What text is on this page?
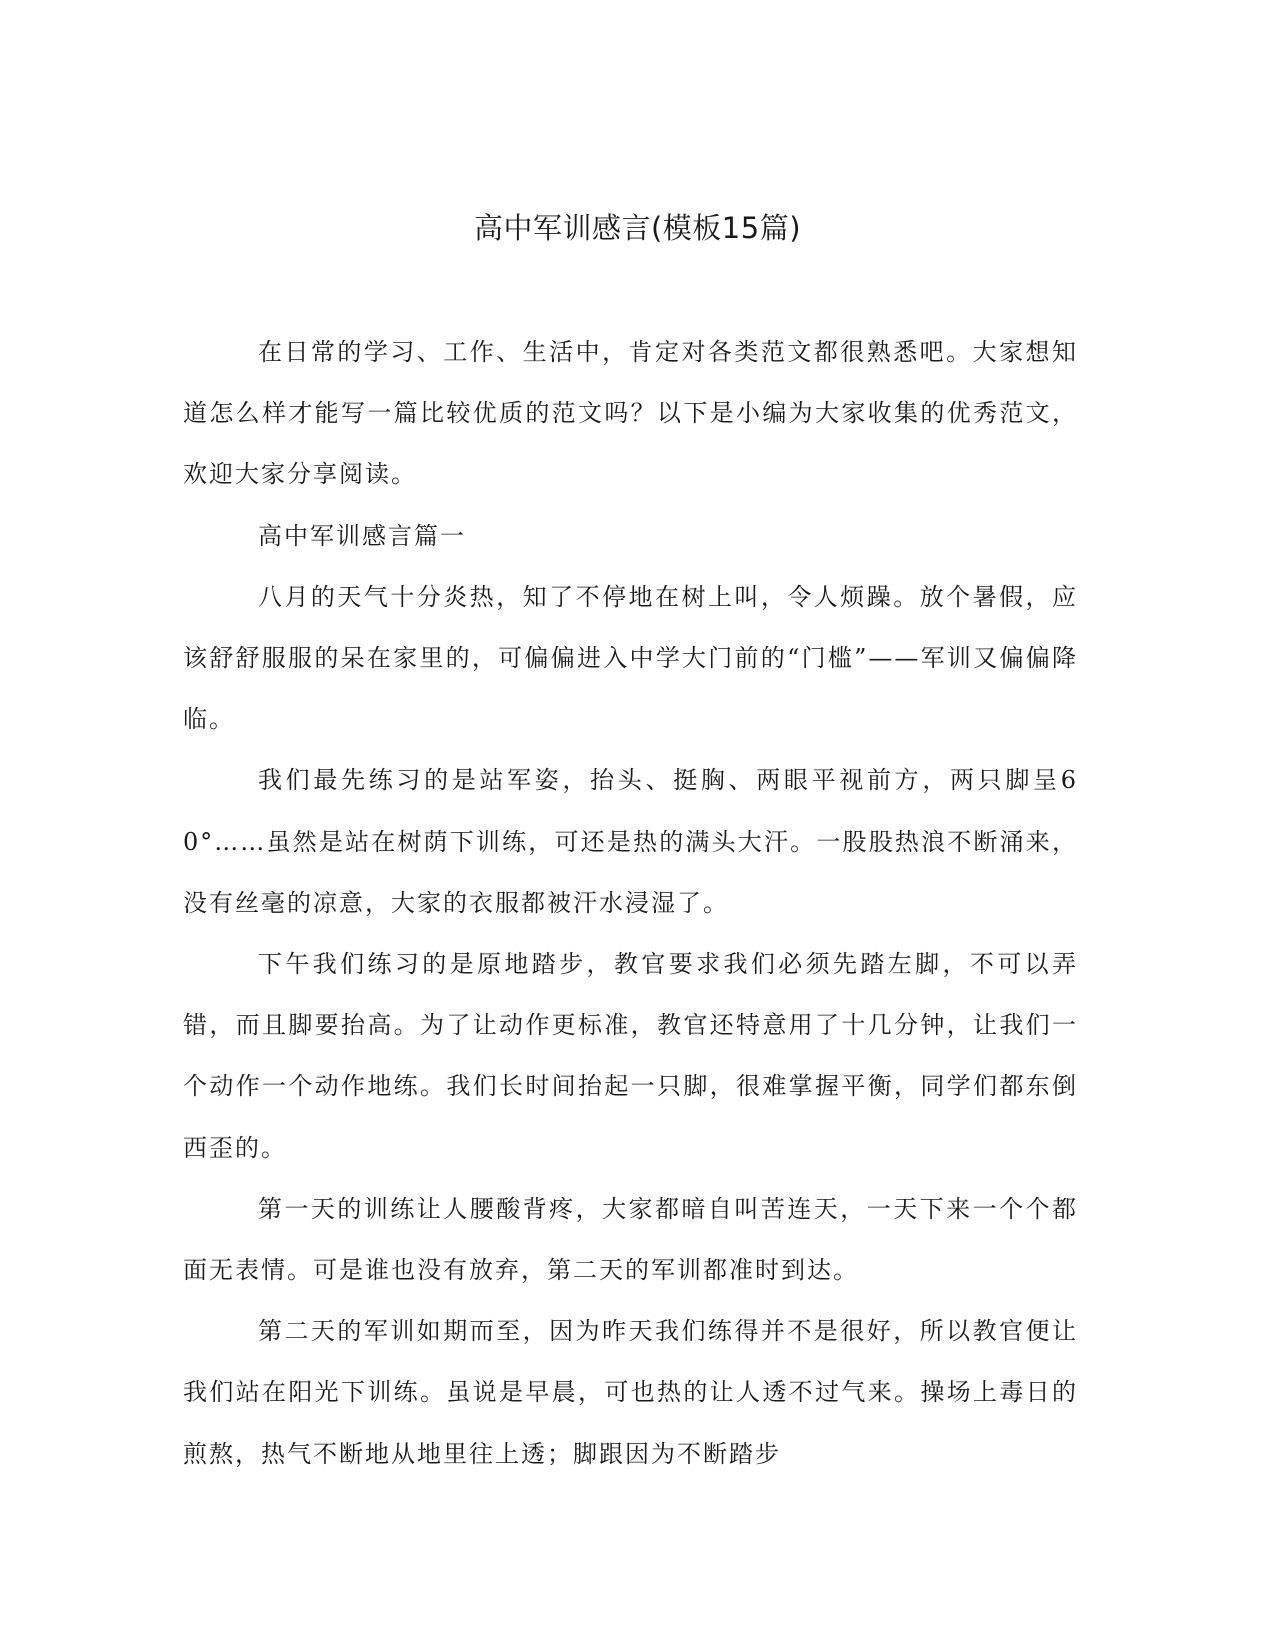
高中军训感言(模板15篇)

在日常的学习、工作、生活中，肯定对各类范文都很熟悉吧。大家想知道怎么样才能写一篇比较优质的范文吗？以下是小编为大家收集的优秀范文，欢迎大家分享阅读。

高中军训感言篇一

八月的天气十分炎热，知了不停地在树上叫，令人烦躁。放个暑假，应该舒舒服服的呆在家里的，可偏偏进入中学大门前的“门槛”——军训又偏偏降临。

我们最先练习的是站军姿，抬头、挺胸、两眼平视前方，两只脚呈60°……虽然是站在树荫下训练，可还是热的满头大汗。一股股热浪不断涌来，没有丝毫的凉意，大家的衣服都被汗水浸湿了。

下午我们练习的是原地踏步，教官要求我们必须先踏左脚，不可以弄错，而且脚要抬高。为了让动作更标准，教官还特意用了十几分钟，让我们一个动作一个动作地练。我们长时间抬起一只脚，很难掌握平衡，同学们都东倒西歪的。

第一天的训练让人腰酸背疼，大家都暗自叫苦连天，一天下来一个个都面无表情。可是谁也没有放弃，第二天的军训都准时到达。

第二天的军训如期而至，因为昨天我们练得并不是很好，所以教官便让我们站在阳光下训练。虽说是早晨，可也热的让人透不过气来。操场上毒日的煎熬，热气不断地从地里往上透；脚跟因为不断踏步
